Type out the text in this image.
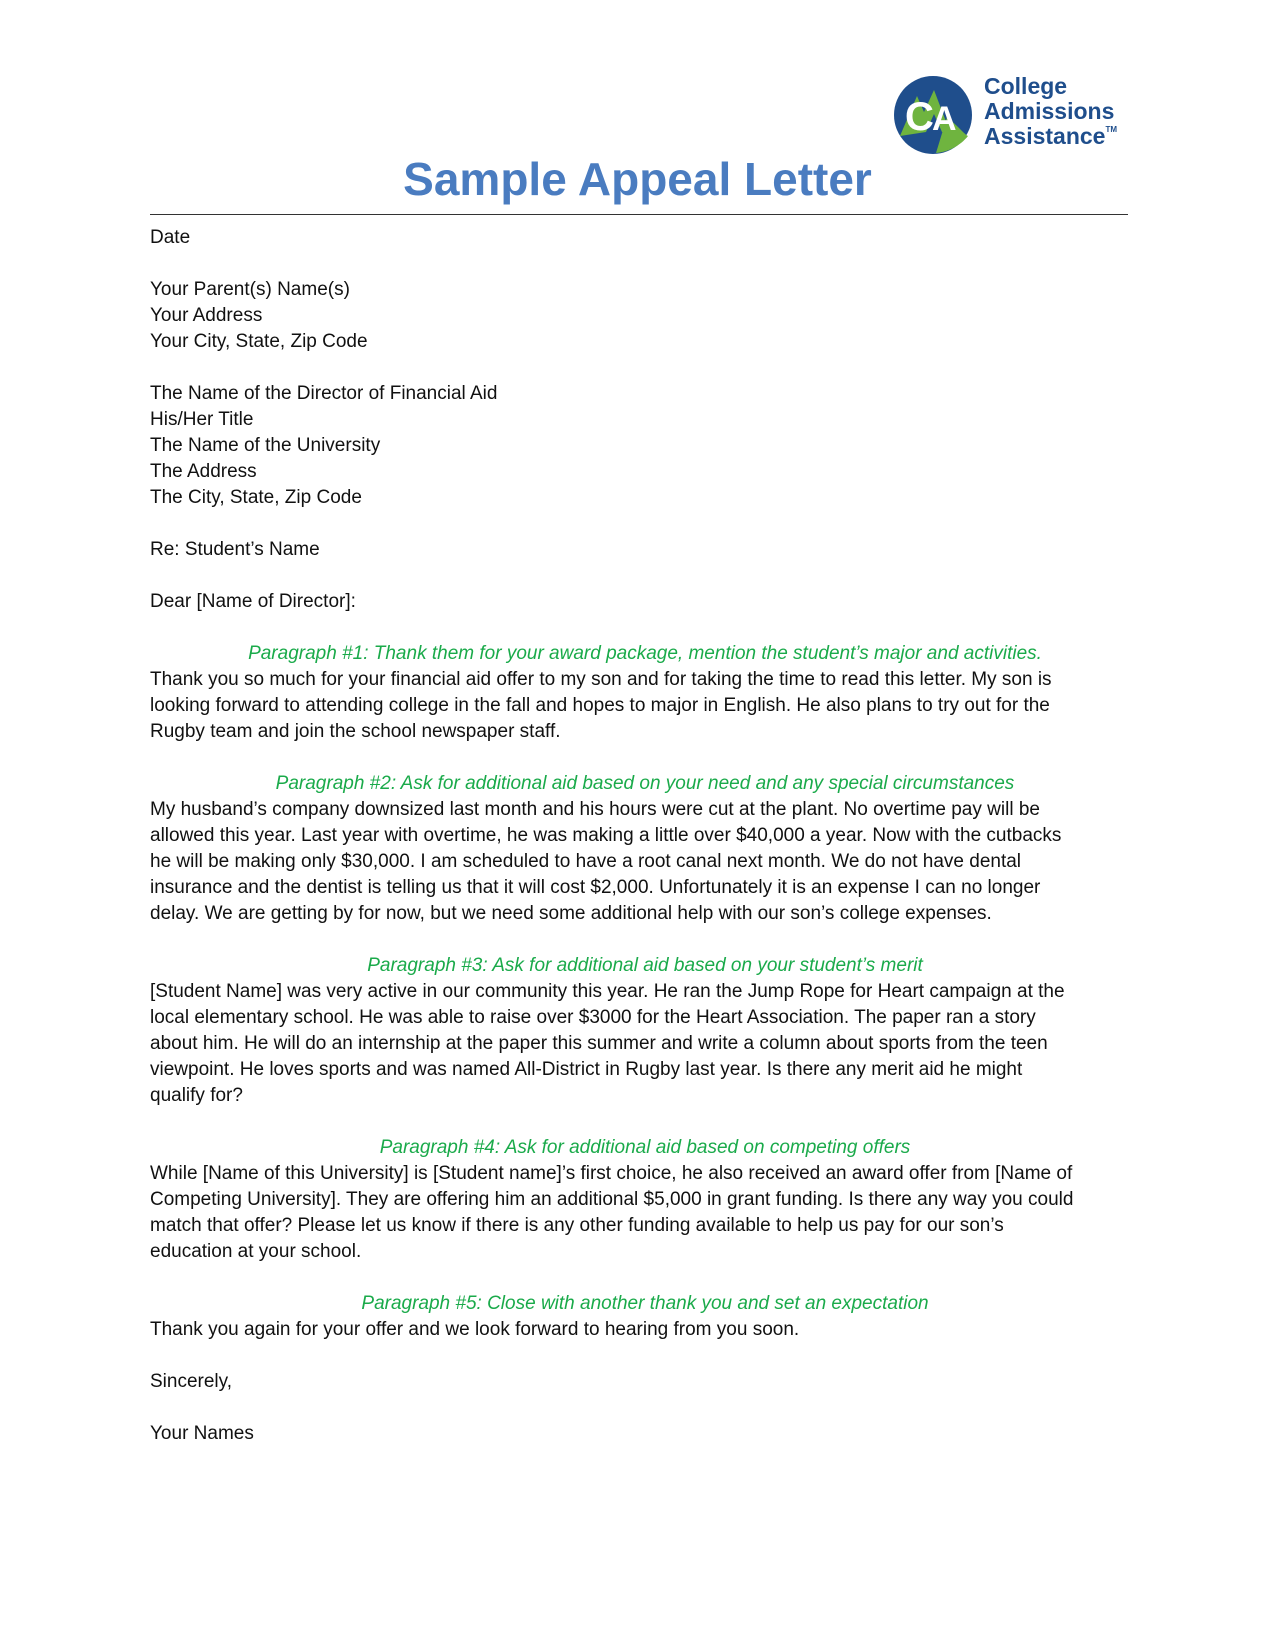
C
A
College
Admissions
Assistance™
Sample Appeal Letter
Date
Your Parent(s) Name(s)
Your Address
Your City, State, Zip Code
The Name of the Director of Financial Aid
His/Her Title
The Name of the University
The Address
The City, State, Zip Code
Re: Student’s Name
Dear [Name of Director]:
Paragraph #1: Thank them for your award package, mention the student’s major and activities.
Thank you so much for your financial aid offer to my son and for taking the time to read this letter. My son is
looking forward to attending college in the fall and hopes to major in English. He also plans to try out for the
Rugby team and join the school newspaper staff.
Paragraph #2: Ask for additional aid based on your need and any special circumstances
My husband’s company downsized last month and his hours were cut at the plant. No overtime pay will be
allowed this year. Last year with overtime, he was making a little over $40,000 a year. Now with the cutbacks
he will be making only $30,000. I am scheduled to have a root canal next month. We do not have dental
insurance and the dentist is telling us that it will cost $2,000. Unfortunately it is an expense I can no longer
delay. We are getting by for now, but we need some additional help with our son’s college expenses.
Paragraph #3: Ask for additional aid based on your student’s merit
[Student Name] was very active in our community this year. He ran the Jump Rope for Heart campaign at the
local elementary school. He was able to raise over $3000 for the Heart Association. The paper ran a story
about him. He will do an internship at the paper this summer and write a column about sports from the teen
viewpoint. He loves sports and was named All-District in Rugby last year. Is there any merit aid he might
qualify for?
Paragraph #4: Ask for additional aid based on competing offers
While [Name of this University] is [Student name]’s first choice, he also received an award offer from [Name of
Competing University]. They are offering him an additional $5,000 in grant funding. Is there any way you could
match that offer? Please let us know if there is any other funding available to help us pay for our son’s
education at your school.
Paragraph #5: Close with another thank you and set an expectation
Thank you again for your offer and we look forward to hearing from you soon.
Sincerely,
Your Names
